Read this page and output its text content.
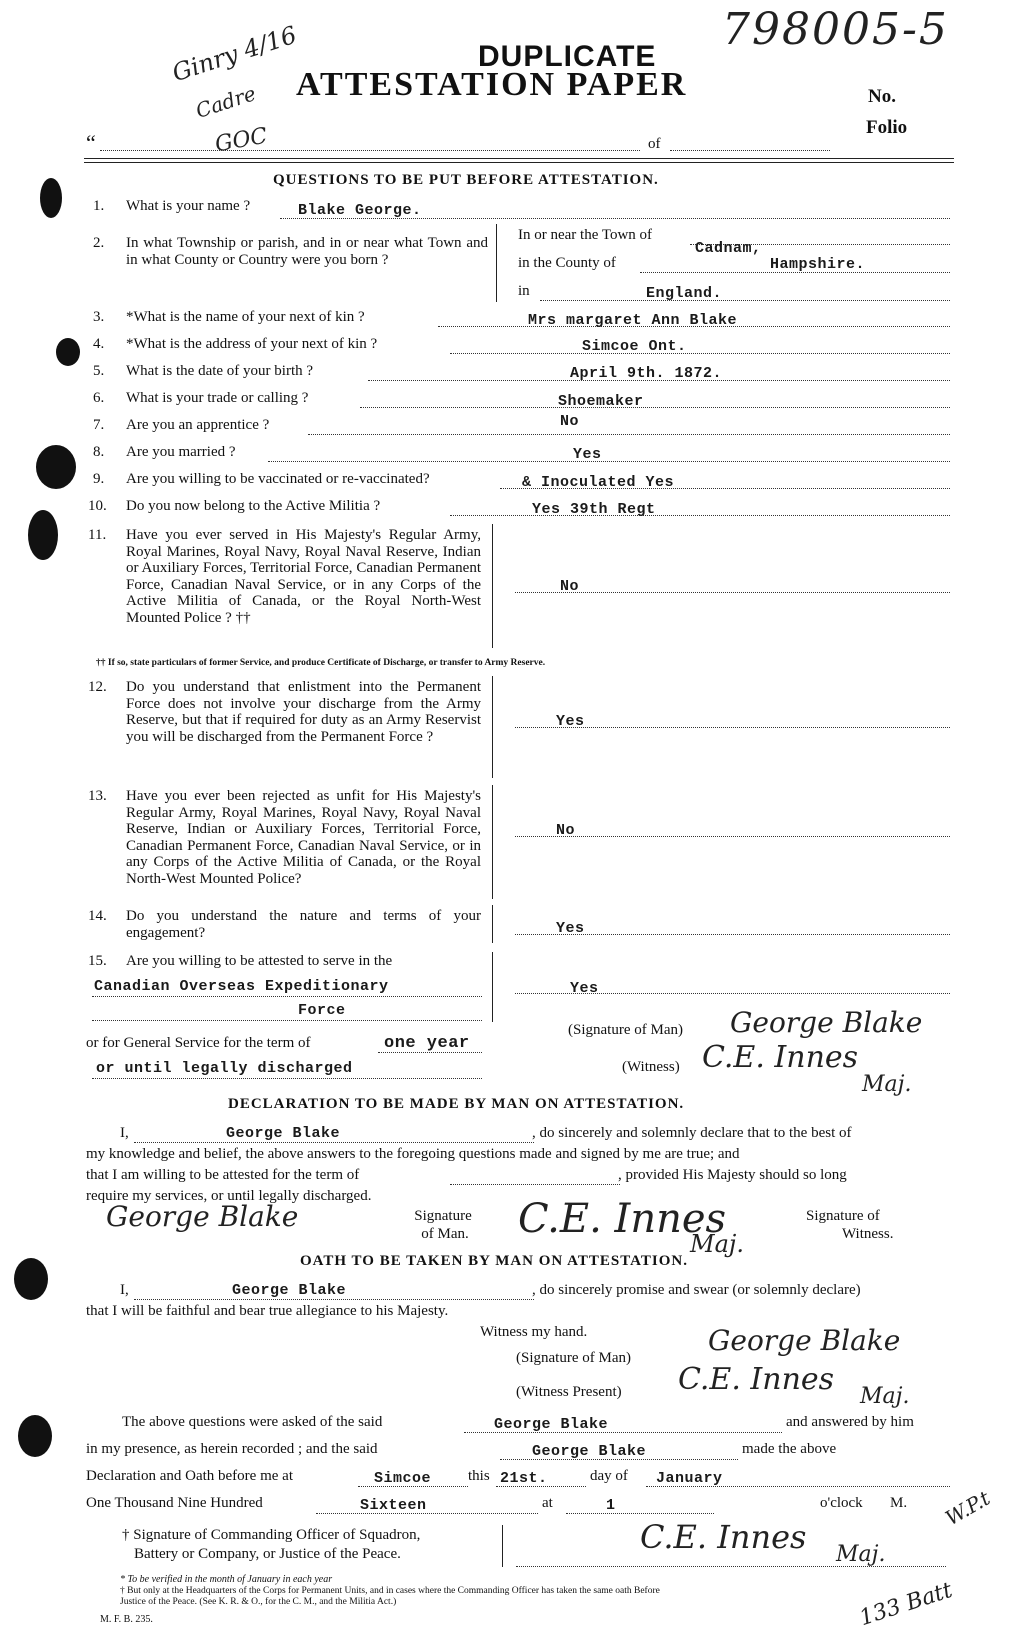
Ginry 4/16
Cadre
GOC
798005-5
DUPLICATE
ATTESTATION PAPER	No.
Folio
“	of
QUESTIONS TO BE PUT BEFORE ATTESTATION.
1. What is your name ?	Blake George.
2. In what Township or parish, and in or near what Town and in what County or Country were you born ?
In or near the Town of
Cadnam,
in the County of	Hampshire.
in	England.
3. *What is the name of your next of kin ?	Mrs margaret Ann Blake
4. *What is the address of your next of kin ?	Simcoe Ont.
5. What is the date of your birth ?	April 9th. 1872.
6. What is your trade or calling ?	Shoemaker
7. Are you an apprentice ?	No
8. Are you married ?	Yes
9. Are you willing to be vaccinated or re-vaccinated?	& Inoculated Yes
10. Do you now belong to the Active Militia ?	Yes 39th Regt
11. Have you ever served in His Majesty's Regular Army, Royal Marines, Royal Navy, Royal Naval Reserve, Indian or Auxiliary Forces, Territorial Force, Canadian Permanent Force, Canadian Naval Service, or in any Corps of the Active Militia of Canada, or the Royal North-West Mounted Police ? ††
No
†† If so, state particulars of former Service, and produce Certificate of Discharge, or transfer to Army Reserve.
12. Do you understand that enlistment into the Permanent Force does not involve your discharge from the Army Reserve, but that if required for duty as an Army Reservist you will be discharged from the Permanent Force ?
Yes
13. Have you ever been rejected as unfit for His Majesty's Regular Army, Royal Marines, Royal Navy, Royal Naval Reserve, Indian or Auxiliary Forces, Territorial Force, Canadian Permanent Force, Canadian Naval Service, or in any Corps of the Active Militia of Canada, or the Royal North-West Mounted Police?
No
14. Do you understand the nature and terms of your engagement?	Yes
15. Are you willing to be attested to serve in the
Canadian Overseas Expeditionary
Force
Yes
or for General Service for the term of	one year
or until legally discharged
(Signature of Man) George Blake
(Witness) C.E. Innes
Maj.
DECLARATION TO BE MADE BY MAN ON ATTESTATION.
I,	George Blake	, do sincerely and solemnly declare that to the best of
my knowledge and belief, the above answers to the foregoing questions made and signed by me are true; and
that I am willing to be attested for the term of	, provided His Majesty should so long
require my services, or until legally discharged.
George Blake	Signature
of Man. C.E. Innes
Maj.
Signature of
Witness.
OATH TO BE TAKEN BY MAN ON ATTESTATION.
I,	George Blake	, do sincerely promise and swear (or solemnly declare)
that I will be faithful and bear true allegiance to his Majesty.
Witness my hand.
(Signature of Man)
George Blake
(Witness Present) C.E. Innes Maj.
The above questions were asked of the said	George Blake	and answered by him
in my presence, as herein recorded ; and the said	George Blake	made the above
Declaration and Oath before me at	Simcoe this 21st.	day of January
One Thousand Nine Hundred	Sixteen	at	1	o'clock M. W.P.t
† Signature of Commanding Officer of Squadron,
Battery or Company, or Justice of the Peace.	C.E. Innes Maj.
* To be verified in the month of January in each year
† But only at the Headquarters of the Corps for Permanent Units, and in cases where the Commanding Officer has taken the same oath Before
Justice of the Peace. (See K. R. & O., for the C. M., and the Militia Act.)
M. F. B. 235.	133 Batt
